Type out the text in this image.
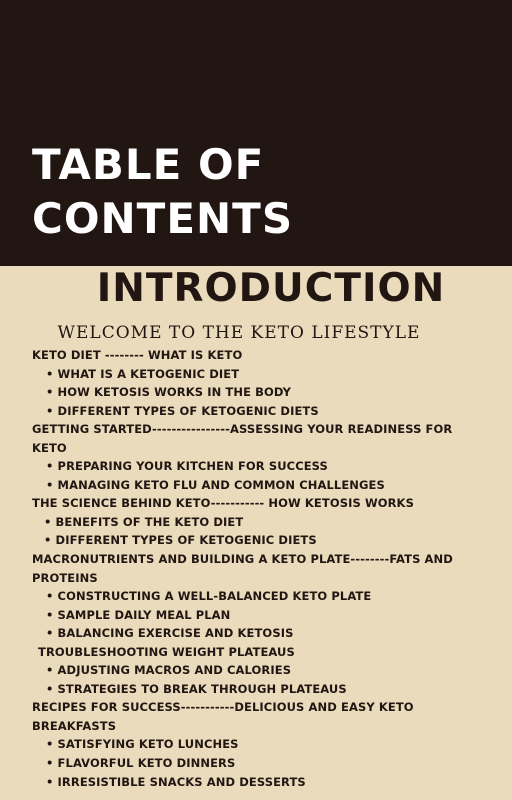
TABLE OF
CONTENTS
INTRODUCTION
WELCOME TO THE KETO LIFESTYLE
KETO DIET -------- WHAT IS KETO
• WHAT IS A KETOGENIC DIET
• HOW KETOSIS WORKS IN THE BODY
• DIFFERENT TYPES OF KETOGENIC DIETS
GETTING STARTED----------------ASSESSING YOUR READINESS FOR KETO
• PREPARING YOUR KITCHEN FOR SUCCESS
• MANAGING KETO FLU AND COMMON CHALLENGES
THE SCIENCE BEHIND KETO----------- HOW KETOSIS WORKS
• BENEFITS OF THE KETO DIET
• DIFFERENT TYPES OF KETOGENIC DIETS
MACRONUTRIENTS AND BUILDING A KETO PLATE--------FATS AND PROTEINS
• CONSTRUCTING A WELL-BALANCED KETO PLATE
• SAMPLE DAILY MEAL PLAN
• BALANCING EXERCISE AND KETOSIS
TROUBLESHOOTING WEIGHT PLATEAUS
• ADJUSTING MACROS AND CALORIES
• STRATEGIES TO BREAK THROUGH PLATEAUS
RECIPES FOR SUCCESS-----------DELICIOUS AND EASY KETO BREAKFASTS
• SATISFYING KETO LUNCHES
• FLAVORFUL KETO DINNERS
• IRRESISTIBLE SNACKS AND DESSERTS
